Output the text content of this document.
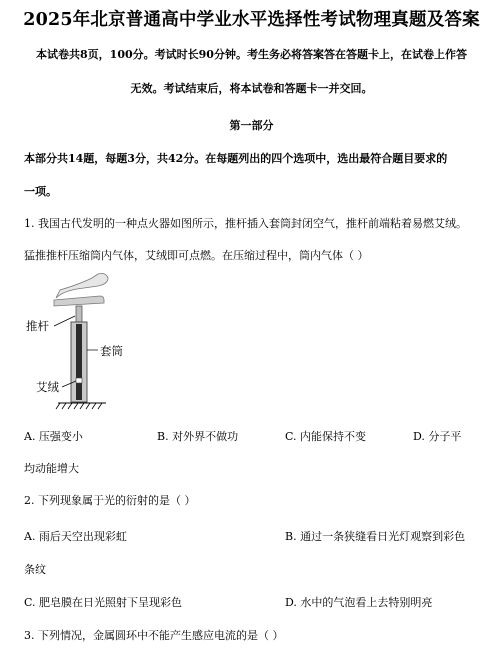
2025年北京普通高中学业水平选择性考试物理真题及答案
本试卷共8页，100分。考试时长90分钟。考生务必将答案答在答题卡上，在试卷上作答
无效。考试结束后，将本试卷和答题卡一并交回。
第一部分
本部分共14题，每题3分，共42分。在每题列出的四个选项中，选出最符合题目要求的
一项。
1. 我国古代发明的一种点火器如图所示，推杆插入套筒封闭空气，推杆前端粘着易燃艾绒。
猛推推杆压缩筒内气体，艾绒即可点燃。在压缩过程中，筒内气体（ ）
推杆
套筒
艾绒
A. 压强变小	B. 对外界不做功	C. 内能保持不变	D. 分子平
均动能增大
2. 下列现象属于光的衍射的是（ ）
A. 雨后天空出现彩虹	B. 通过一条狭缝看日光灯观察到彩色
条纹
C. 肥皂膜在日光照射下呈现彩色	D. 水中的气泡看上去特别明亮
3. 下列情况，金属圆环中不能产生感应电流的是（ ）
